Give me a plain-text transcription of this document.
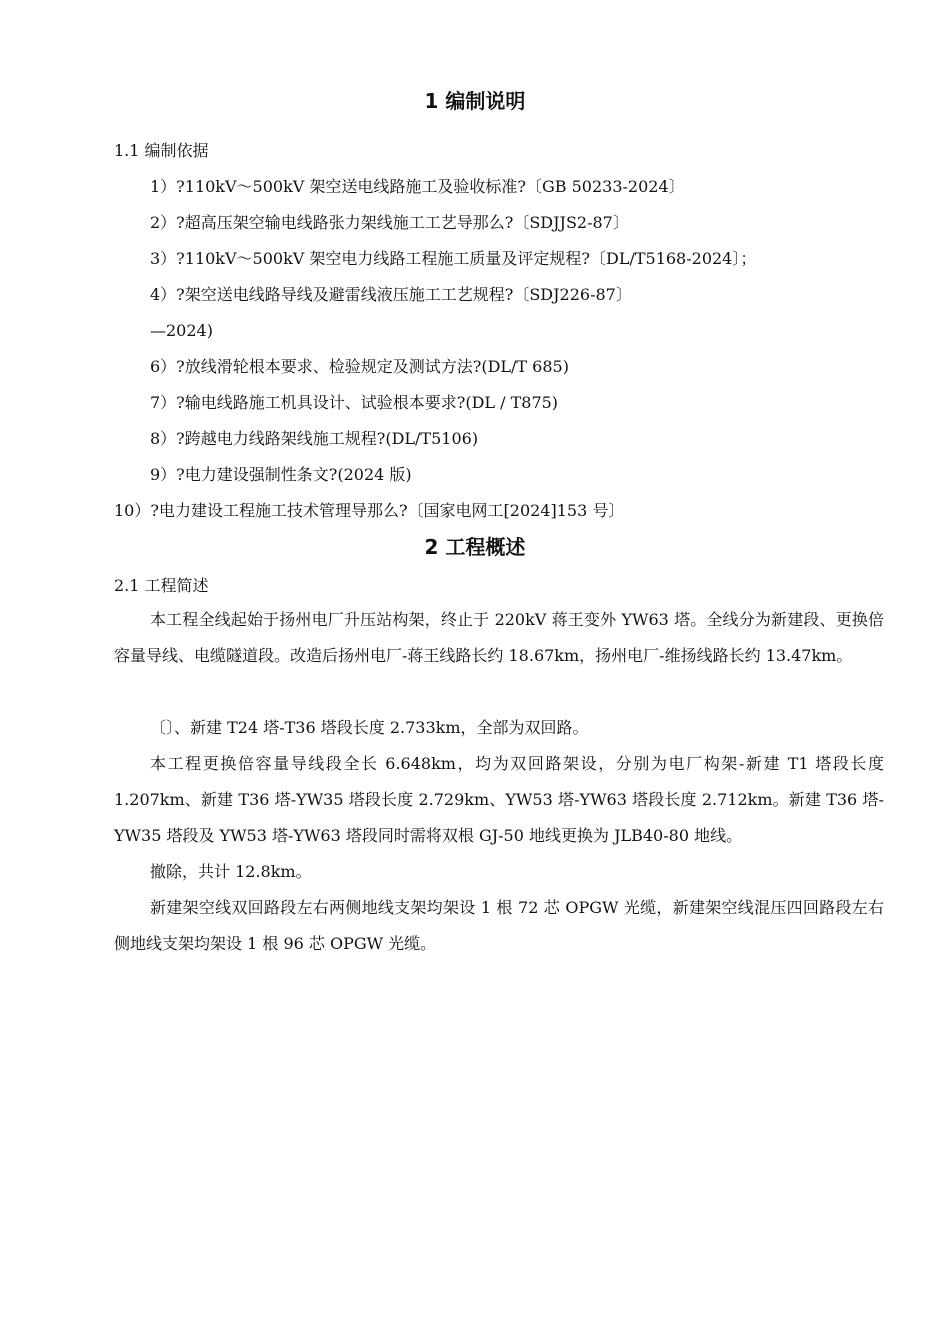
1 编制说明

1.1 编制依据

1）?110kV～500kV 架空送电线路施工及验收标准?〔GB 50233-2024〕

2）?超高压架空输电线路张力架线施工工艺导那么?〔SDJJS2-87〕

3）?110kV～500kV 架空电力线路工程施工质量及评定规程?〔DL/T5168-2024〕；

4）?架空送电线路导线及避雷线液压施工工艺规程?〔SDJ226-87〕

—2024)

6）?放线滑轮根本要求、检验规定及测试方法?(DL/T 685)

7）?输电线路施工机具设计、试验根本要求?(DL / T875)

8）?跨越电力线路架线施工规程?(DL/T5106)

9）?电力建设强制性条文?(2024 版)

10）?电力建设工程施工技术管理导那么?〔国家电网工[2024]153 号〕

2 工程概述

2.1 工程简述

本工程全线起始于扬州电厂升压站构架，终止于 220kV 蒋王变外 YW63 塔。全线分为新建段、更换倍容量导线、电缆隧道段。改造后扬州电厂-蒋王线路长约 18.67km，扬州电厂-维扬线路长约 13.47km。

〔〕、新建 T24 塔-T36 塔段长度 2.733km，全部为双回路。

本工程更换倍容量导线段全长 6.648km，均为双回路架设，分别为电厂构架-新建 T1 塔段长度 1.207km、新建 T36 塔-YW35 塔段长度 2.729km、YW53 塔-YW63 塔段长度 2.712km。新建 T36 塔-YW35 塔段及 YW53 塔-YW63 塔段同时需将双根 GJ-50 地线更换为 JLB40-80 地线。

撤除，共计 12.8km。

新建架空线双回路段左右两侧地线支架均架设 1 根 72 芯 OPGW 光缆，新建架空线混压四回路段左右侧地线支架均架设 1 根 96 芯 OPGW 光缆。
